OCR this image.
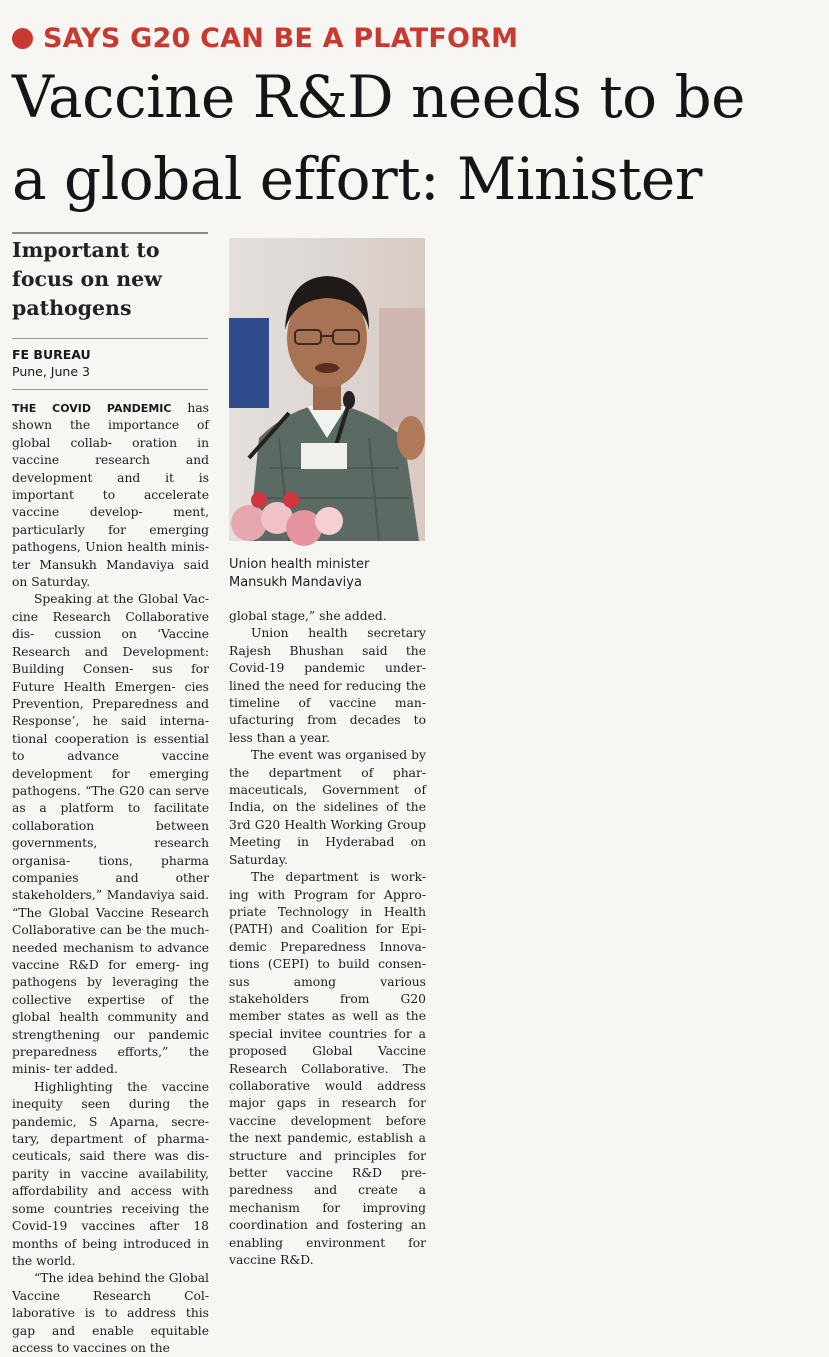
SAYS G20 CAN BE A PLATFORM
Vaccine R&D needs to be
a global effort: Minister
Important to focus on new pathogens
FE BUREAU
Pune, June 3

THE COVID PANDEMIC has shown the importance of global collab- oration in vaccine research and development and it is important to accelerate vaccine develop- ment, particularly for emerging pathogens, Union health minis- ter Mansukh Mandaviya said on Saturday.

Speaking at the Global Vac- cine Research Collaborative dis- cussion on ‘Vaccine Research and Development: Building Consen- sus for Future Health Emergen- cies Prevention, Preparedness and Response’, he said interna- tional cooperation is essential to advance vaccine development for emerging pathogens. “The G20 can serve as a platform to facilitate collaboration between governments, research organisa- tions, pharma companies and other stakeholders,” Mandaviya said. “The Global Vaccine Research Collaborative can be the much-needed mechanism to advance vaccine R&D for emerg- ing pathogens by leveraging the collective expertise of the global health community and strengthening our pandemic preparedness efforts,” the minis- ter added.

Highlighting the vaccine inequity seen during the pandemic, S Aparna, secre- tary, department of pharma- ceuticals, said there was dis- parity in vaccine availability, affordability and access with some countries receiving the Covid-19 vaccines after 18 months of being introduced in the world.

“The idea behind the Global Vaccine Research Col- laborative is to address this gap and enable equitable access to vaccines on the

Union health minister
Mansukh Mandaviya

global stage,” she added.

Union health secretary Rajesh Bhushan said the Covid-19 pandemic under- lined the need for reducing the timeline of vaccine man- ufacturing from decades to less than a year.

The event was organised by the department of phar- maceuticals, Government of India, on the sidelines of the 3rd G20 Health Working Group Meeting in Hyderabad on Saturday.

The department is work- ing with Program for Appro- priate Technology in Health (PATH) and Coalition for Epi- demic Preparedness Innova- tions (CEPI) to build consen- sus among various stakeholders from G20 member states as well as the special invitee countries for a proposed Global Vaccine Research Collaborative. The collaborative would address major gaps in research for vaccine development before the next pandemic, establish a structure and principles for better vaccine R&D pre- paredness and create a mechanism for improving coordination and fostering an enabling environment for vaccine R&D.
